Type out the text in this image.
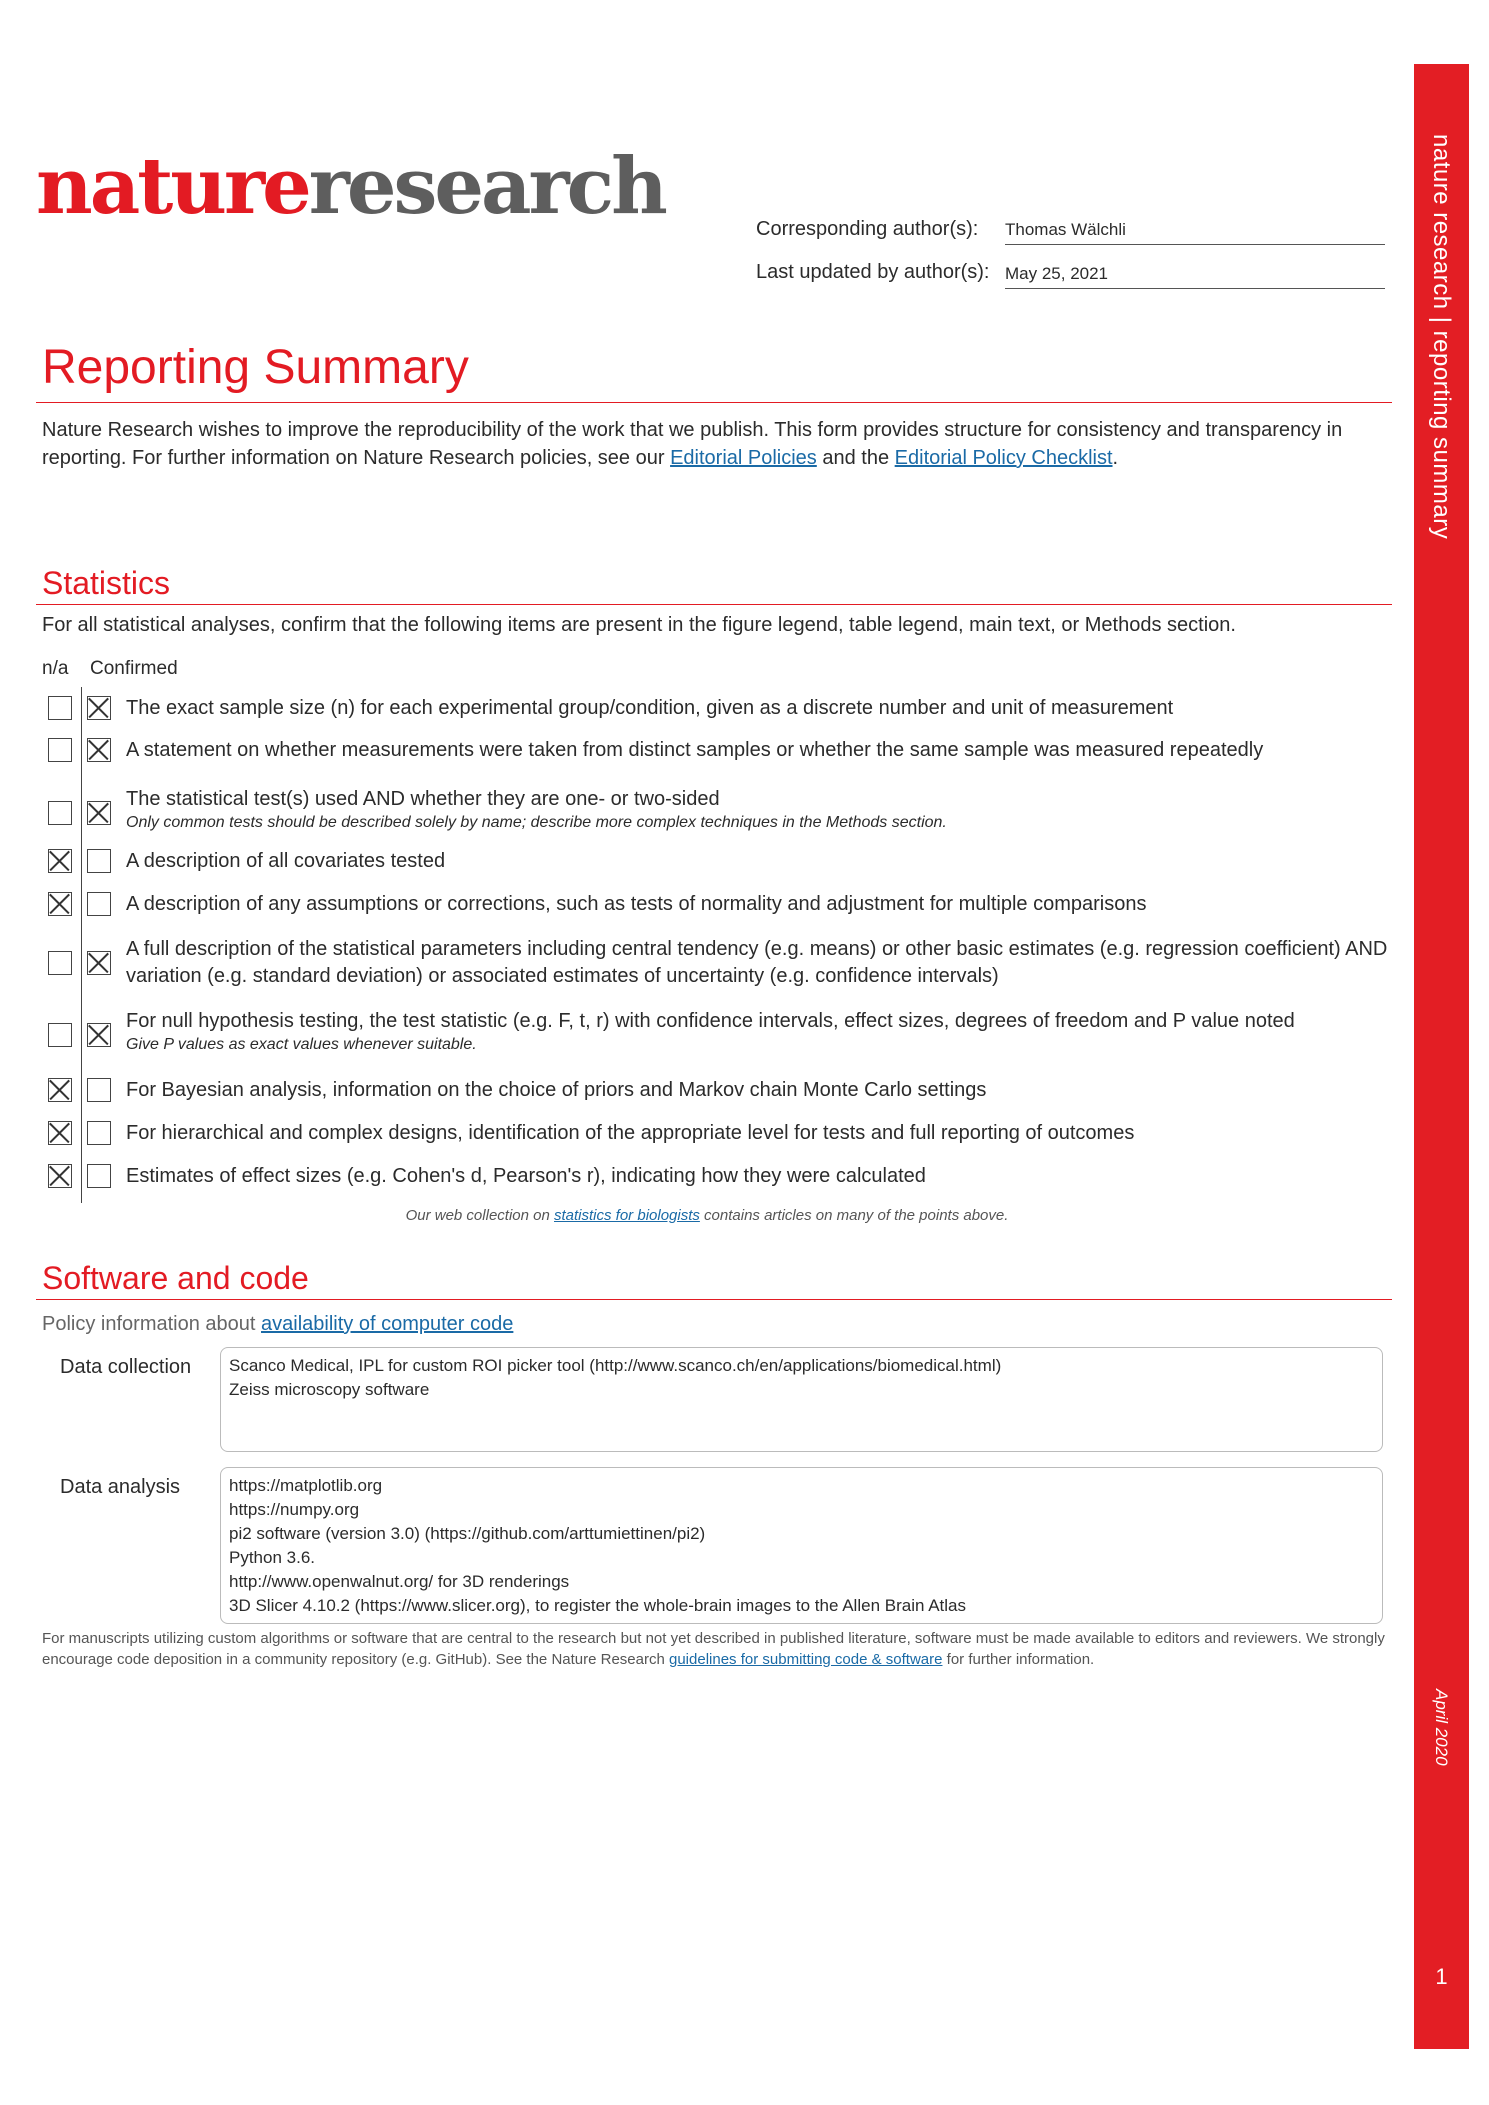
nature research | reporting summary
April 2020
1
natureresearch	Corresponding author(s): Thomas Wälchli
Last updated by author(s): May 25, 2021
Reporting Summary
Nature Research wishes to improve the reproducibility of the work that we publish. This form provides structure for consistency and transparency in reporting. For further information on Nature Research policies, see our Editorial Policies and the Editorial Policy Checklist.
Statistics
For all statistical analyses, confirm that the following items are present in the figure legend, table legend, main text, or Methods section.
n/a Confirmed
The exact sample size (n) for each experimental group/condition, given as a discrete number and unit of measurement
A statement on whether measurements were taken from distinct samples or whether the same sample was measured repeatedly
The statistical test(s) used AND whether they are one- or two-sided
Only common tests should be described solely by name; describe more complex techniques in the Methods section.
A description of all covariates tested
A description of any assumptions or corrections, such as tests of normality and adjustment for multiple comparisons
A full description of the statistical parameters including central tendency (e.g. means) or other basic estimates (e.g. regression coefficient) AND variation (e.g. standard deviation) or associated estimates of uncertainty (e.g. confidence intervals)
For null hypothesis testing, the test statistic (e.g. F, t, r) with confidence intervals, effect sizes, degrees of freedom and P value noted
Give P values as exact values whenever suitable.
For Bayesian analysis, information on the choice of priors and Markov chain Monte Carlo settings
For hierarchical and complex designs, identification of the appropriate level for tests and full reporting of outcomes
Estimates of effect sizes (e.g. Cohen's d, Pearson's r), indicating how they were calculated
Our web collection on statistics for biologists contains articles on many of the points above.
Software and code
Policy information about availability of computer code
Data collection Scanco Medical, IPL for custom ROI picker tool (http://www.scanco.ch/en/applications/biomedical.html)
Zeiss microscopy software
Data analysis	https://matplotlib.org
https://numpy.org
pi2 software (version 3.0) (https://github.com/arttumiettinen/pi2)
Python 3.6.
http://www.openwalnut.org/ for 3D renderings
3D Slicer 4.10.2 (https://www.slicer.org), to register the whole-brain images to the Allen Brain Atlas
For manuscripts utilizing custom algorithms or software that are central to the research but not yet described in published literature, software must be made available to editors and reviewers. We strongly encourage code deposition in a community repository (e.g. GitHub). See the Nature Research guidelines for submitting code & software for further information.
